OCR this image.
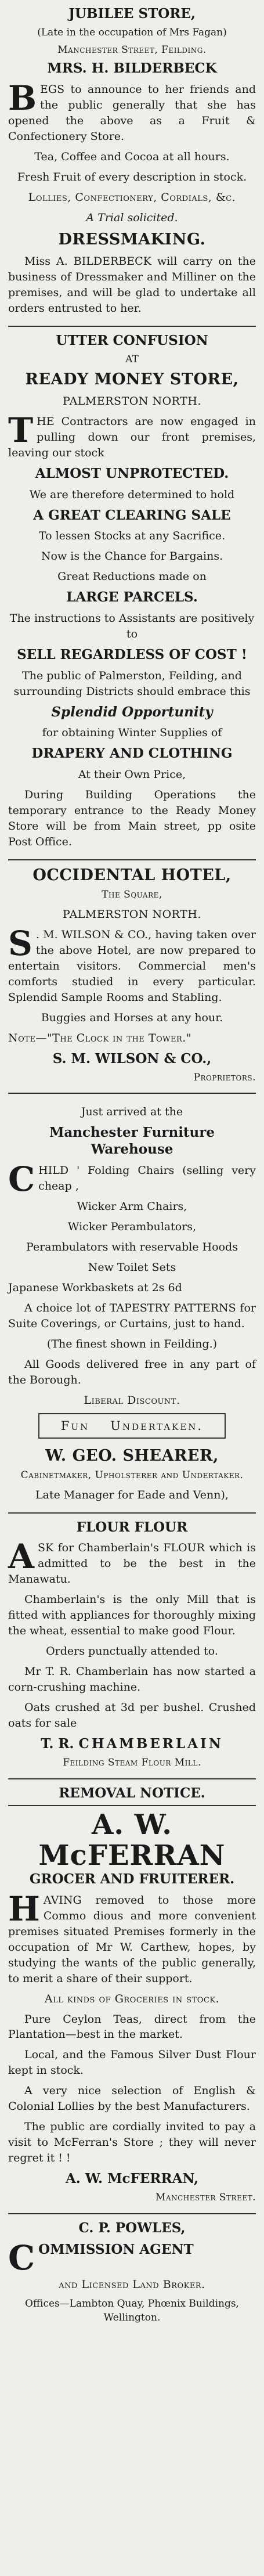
JUBILEE STORE,
(Late in the occupation of Mrs Fagan)
Manchester Street, Feilding.
MRS. H. BILDERBECK
BEGS to announce to her friends and the public generally that she has opened the above as a Fruit & Confectionery Store.
Tea, Coffee and Cocoa at all hours.
Fresh Fruit of every description in stock.
Lollies, Confectionery, Cordials, &c.
A Trial solicited.
DRESSMAKING.
Miss A. BILDERBECK will carry on the business of Dressmaker and Milliner on the premises, and will be glad to undertake all orders entrusted to her.
UTTER CONFUSION
AT
READY MONEY STORE,
PALMERSTON NORTH.
THE Contractors are now engaged in pulling down our front premises, leaving our stock
ALMOST UNPROTECTED.
We are therefore determined to hold
A GREAT CLEARING SALE
To lessen Stocks at any Sacrifice.
Now is the Chance for Bargains.
Great Reductions made on
LARGE PARCELS.
The instructions to Assistants are positively to
SELL REGARDLESS OF COST !
The public of Palmerston, Feilding, and surrounding Districts should embrace this
Splendid Opportunity
for obtaining Winter Supplies of
DRAPERY AND CLOTHING
At their Own Price,
During Building Operations the temporary entrance to the Ready Money Store will be from Main street, pp osite Post Office.
OCCIDENTAL HOTEL,
The Square,
PALMERSTON NORTH.
S . M. WILSON & CO., having taken over the above Hotel, are now prepared to entertain visitors. Commercial men's comforts studied in every particular. Splendid Sample Rooms and Stabling.
Buggies and Horses at any hour.
Note—"The Clock in the Tower."
S. M. WILSON & CO.,
Proprietors.
Just arrived at the
Manchester Furniture Warehouse
CHILD ' Folding Chairs (selling very cheap ,
Wicker Arm Chairs,
Wicker Perambulators,
Perambulators with reservable Hoods
New Toilet Sets
Japanese Workbaskets at 2s 6d
A choice lot of TAPESTRY PATTERNS for Suite Coverings, or Curtains, just to hand.
(The finest shown in Feilding.)
All Goods delivered free in any part of the Borough.
Liberal Discount.
Fun Undertaken.
W. GEO. SHEARER,
Cabinetmaker, Upholsterer and Undertaker.
Late Manager for Eade and Venn),
FLOUR FLOUR
ASK for Chamberlain's FLOUR which is admitted to be the best in the Manawatu.
Chamberlain's is the only Mill that is fitted with appliances for thoroughly mixing the wheat, essential to make good Flour.
Orders punctually attended to.
Mr T. R. Chamberlain has now started a corn-crushing machine.
Oats crushed at 3d per bushel. Crushed oats for sale
T. R. CHAMBERLAIN
Feilding Steam Flour Mill.
REMOVAL NOTICE.
A. W. McFERRAN
GROCER AND FRUITERER.
HAVING removed to those more Commo dious and more convenient premises situated Premises formerly in the occupation of Mr W. Carthew, hopes, by studying the wants of the public generally, to merit a share of their support.
All kinds of Groceries in stock.
Pure Ceylon Teas, direct from the Plantation—best in the market.
Local, and the Famous Silver Dust Flour kept in stock.
A very nice selection of English & Colonial Lollies by the best Manufacturers.
The public are cordially invited to pay a visit to McFerran's Store ; they will never regret it ! !
A. W. McFERRAN,
Manchester Street.
C. P. POWLES,
COMMISSION AGENT
and Licensed Land Broker.
Offices—Lambton Quay, Phœnix Buildings, Wellington.
